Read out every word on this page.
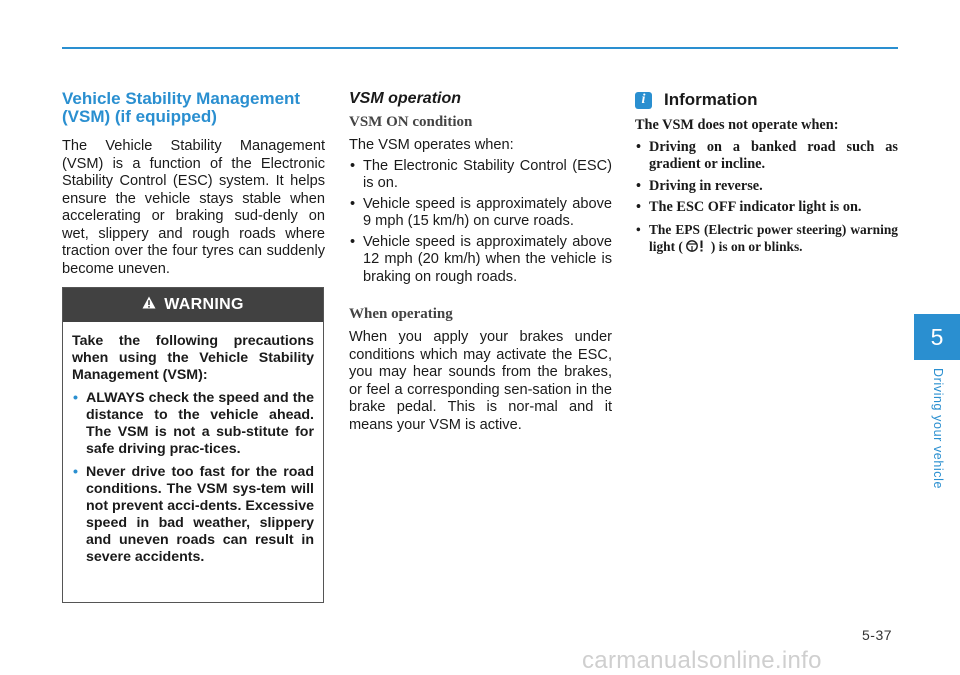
Vehicle Stability Management
(VSM) (if equipped)

The Vehicle Stability Management (VSM) is a function of the Electronic Stability Control (ESC) system. It helps ensure the vehicle stays stable when accelerating or braking sud-denly on wet, slippery and rough roads where traction over the four tyres can suddenly become uneven.

WARNING

Take the following precautions when using the Vehicle Stability Management (VSM):

• ALWAYS check the speed and the distance to the vehicle ahead. The VSM is not a sub-stitute for safe driving prac-tices.
• Never drive too fast for the road conditions. The VSM sys-tem will not prevent acci-dents. Excessive speed in bad weather, slippery and uneven roads can result in severe accidents.
VSM operation
VSM ON condition

The VSM operates when:

• The Electronic Stability Control (ESC) is on.
• Vehicle speed is approximately above 9 mph (15 km/h) on curve roads.
• Vehicle speed is approximately above 12 mph (20 km/h) when the vehicle is braking on rough roads.
When operating

When you apply your brakes under conditions which may activate the ESC, you may hear sounds from the brakes, or feel a corresponding sen-sation in the brake pedal. This is nor-mal and it means your VSM is active.

i	Information

The VSM does not operate when:

• Driving on a banked road such as gradient or incline.
• Driving in reverse.
• The ESC OFF indicator light is on.
• The EPS (Electric power steering) warning light ( ) is on or blinks.
5
Driving your vehicle
5-37
carmanualsonline.info
